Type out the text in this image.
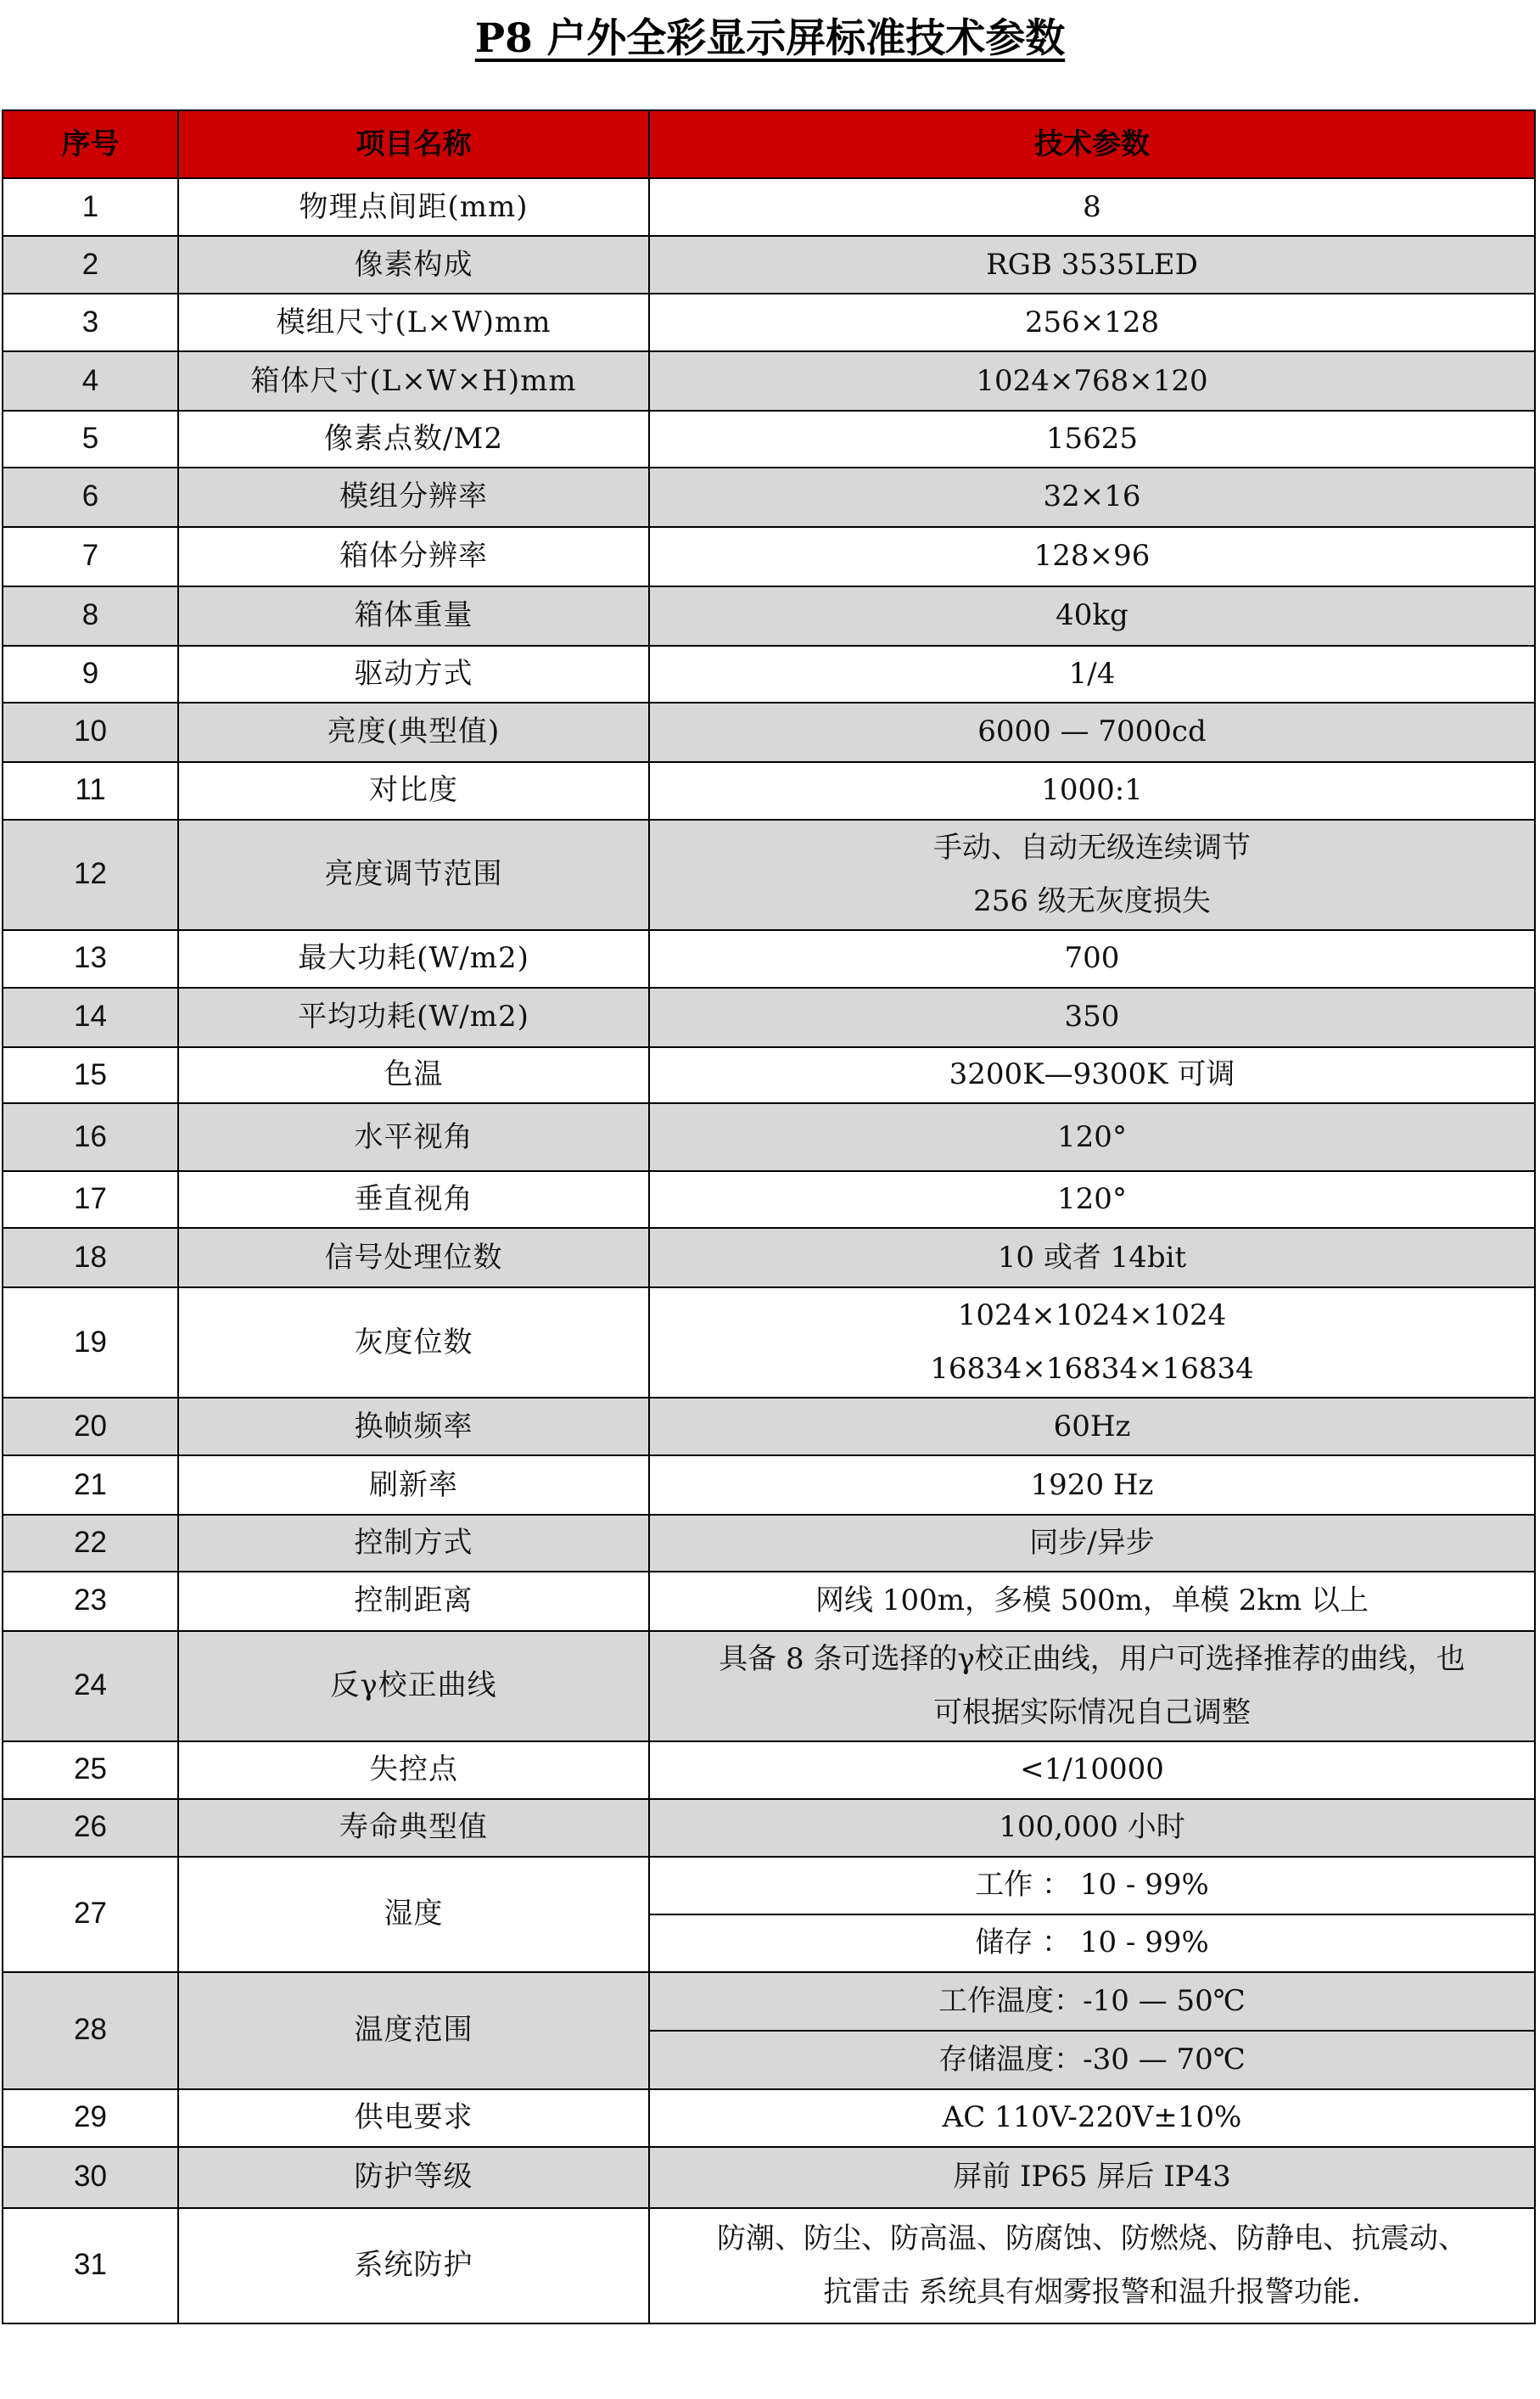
P8 户外全彩显示屏标准技术参数
序号	项目名称	技术参数
1	物理点间距(mm)	8

2	像素构成	RGB 3535LED

3	模组尺寸(L×W)mm	256×128

4	箱体尺寸(L×W×H)mm	1024×768×120

5	像素点数/M2	15625

6	模组分辨率	32×16

7	箱体分辨率	128×96

8	箱体重量	40kg

9	驱动方式	1/4

10	亮度(典型值)	6000 — 7000cd

11	对比度	1000:1

12	亮度调节范围	手动、自动无级连续调节
256 级无灰度损失

13	最大功耗(W/m2)	700

14	平均功耗(W/m2)	350

15	色温	3200K—9300K 可调

16	水平视角	120°

17	垂直视角	120°

18	信号处理位数	10 或者 14bit

19	灰度位数	1024×1024×1024
16834×16834×16834

20	换帧频率	60Hz

21	刷新率	1920 Hz

22	控制方式	同步/异步

23	控制距离	网线 100m，多模 500m，单模 2km 以上

24	反γ校正曲线	具备 8 条可选择的γ校正曲线，用户可选择推荐的曲线，也
可根据实际情况自己调整

25	失控点	<1/10000

26	寿命典型值	100,000 小时

27	湿度	工作 ： 10 - 99%
		储存 ： 10 - 99%
28	温度范围	工作温度：-10 — 50℃
		存储温度：-30 — 70℃
29	供电要求	AC 110V-220V±10%

30	防护等级	屏前 IP65 屏后 IP43

31	系统防护	防潮、防尘、防高温、防腐蚀、防燃烧、防静电、抗震动、
抗雷击 系统具有烟雾报警和温升报警功能.
